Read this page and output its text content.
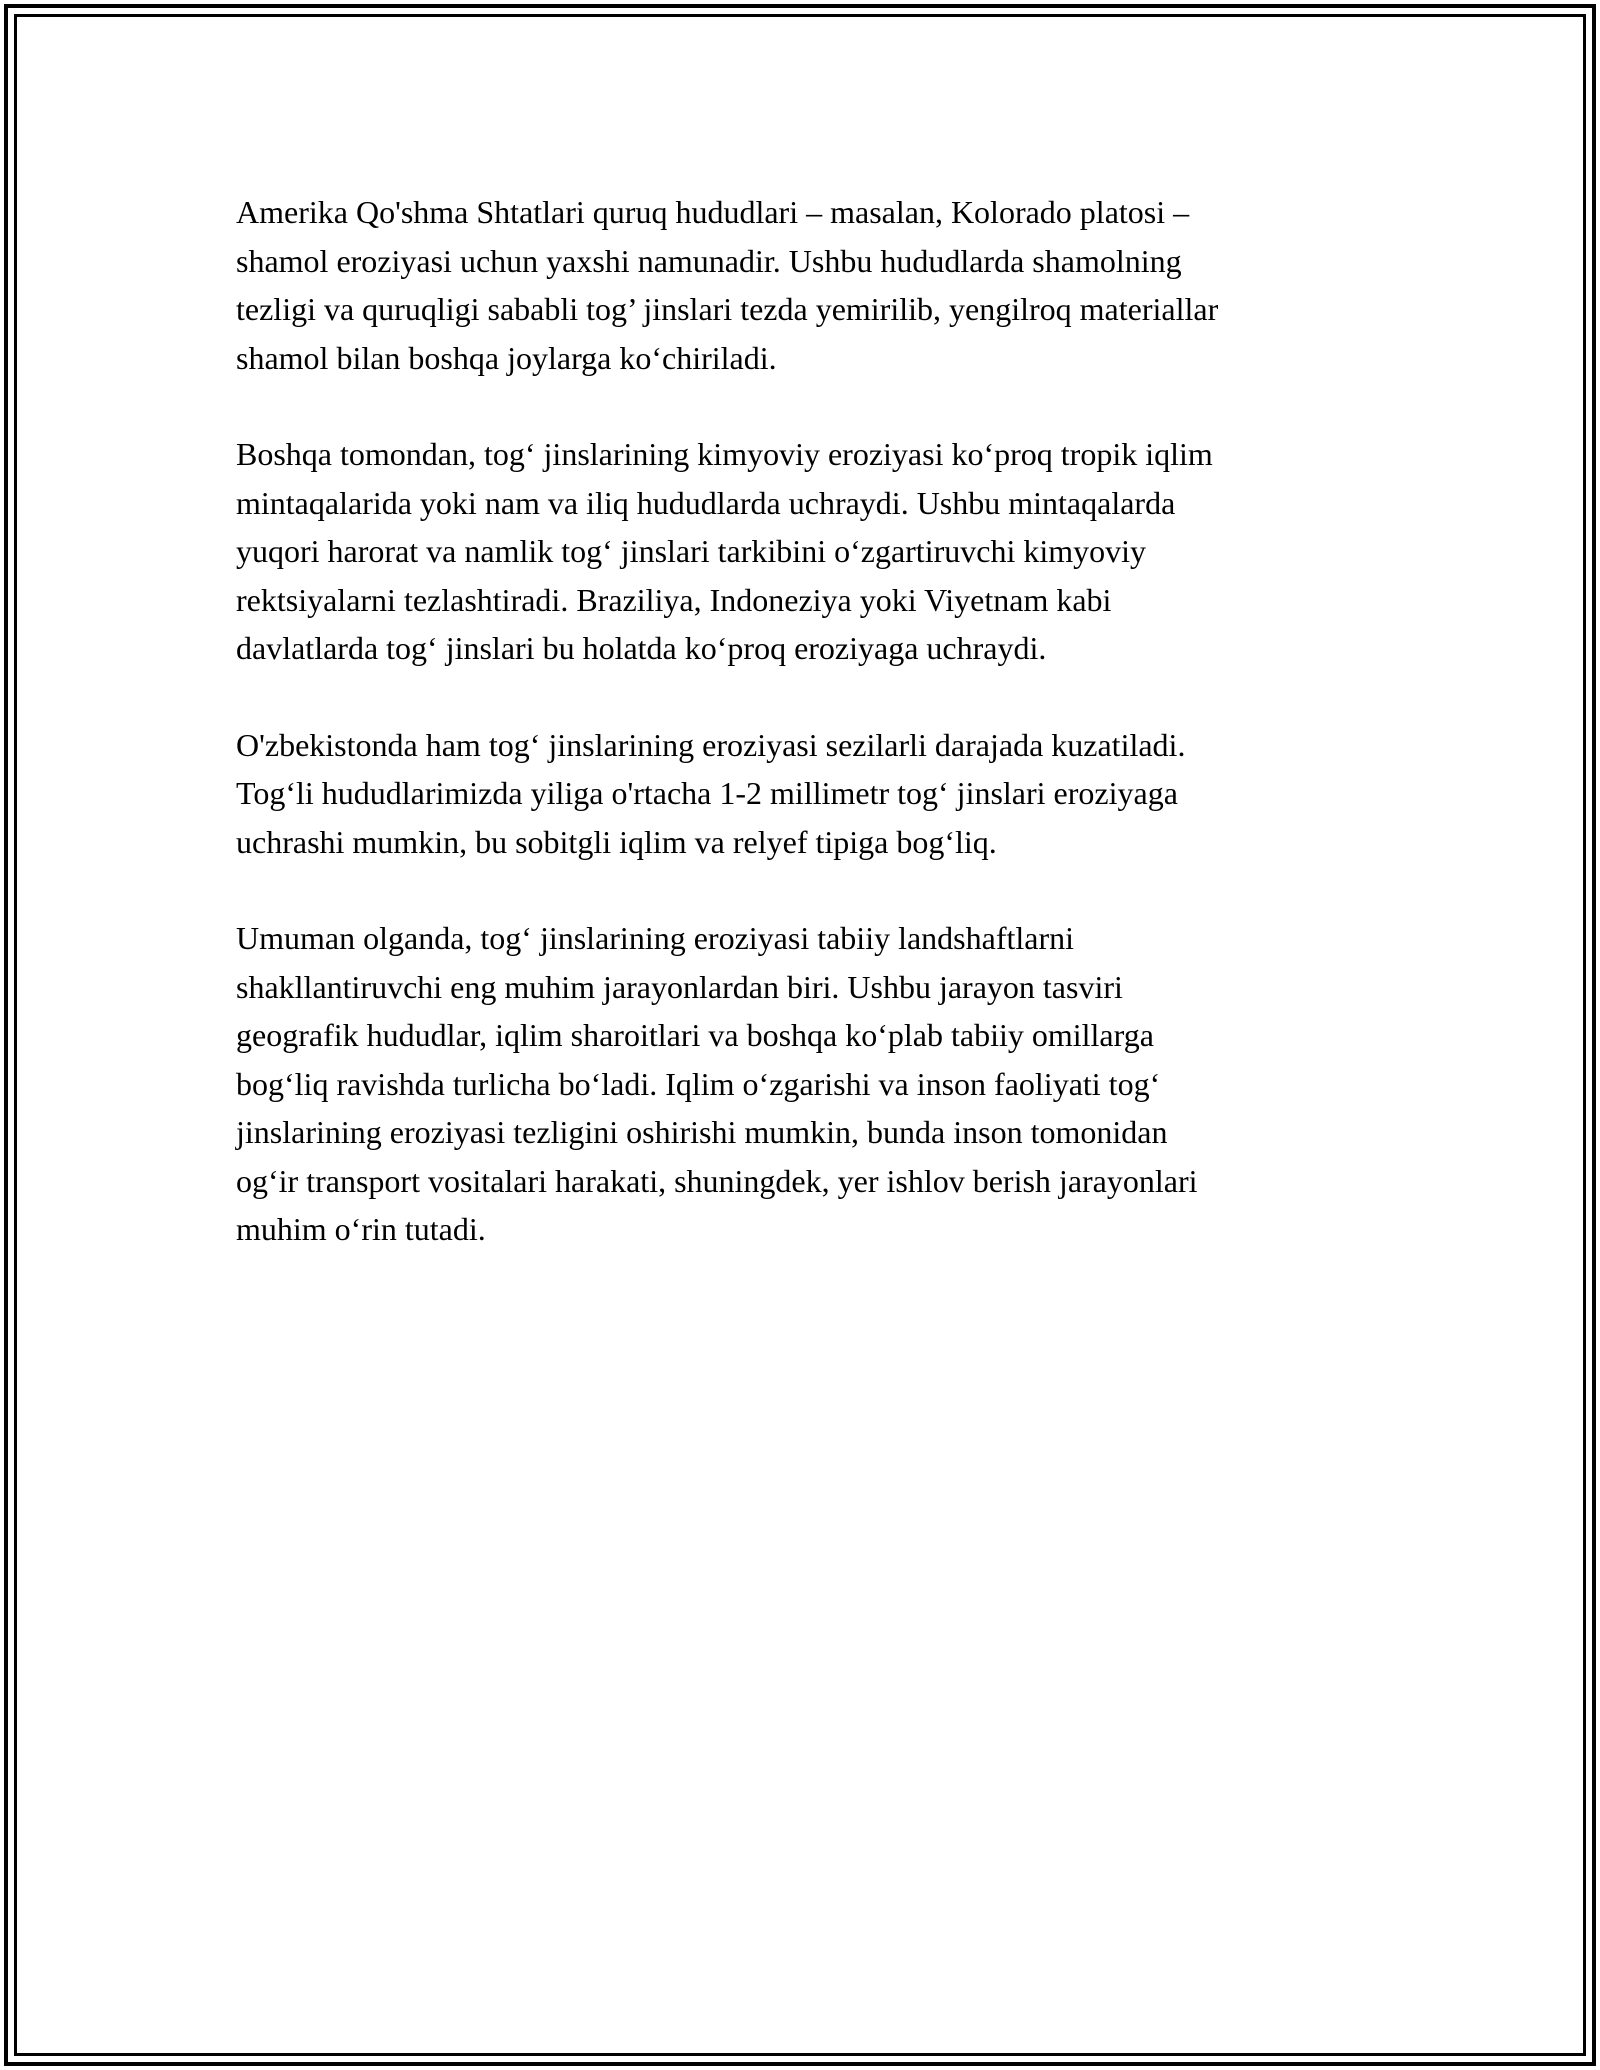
Amerika Qo'shma Shtatlari quruq hududlari – masalan, Kolorado platosi –
shamol eroziyasi uchun yaxshi namunadir. Ushbu hududlarda shamolning
tezligi va quruqligi sababli tog’ jinslari tezda yemirilib, yengilroq materiallar
shamol bilan boshqa joylarga ko‘chiriladi.

Boshqa tomondan, tog‘ jinslarining kimyoviy eroziyasi ko‘proq tropik iqlim
mintaqalarida yoki nam va iliq hududlarda uchraydi. Ushbu mintaqalarda
yuqori harorat va namlik tog‘ jinslari tarkibini o‘zgartiruvchi kimyoviy
rektsiyalarni tezlashtiradi. Braziliya, Indoneziya yoki Viyetnam kabi
davlatlarda tog‘ jinslari bu holatda ko‘proq eroziyaga uchraydi.

O'zbekistonda ham tog‘ jinslarining eroziyasi sezilarli darajada kuzatiladi.
Tog‘li hududlarimizda yiliga o'rtacha 1-2 millimetr tog‘ jinslari eroziyaga
uchrashi mumkin, bu sobitgli iqlim va relyef tipiga bog‘liq.

Umuman olganda, tog‘ jinslarining eroziyasi tabiiy landshaftlarni
shakllantiruvchi eng muhim jarayonlardan biri. Ushbu jarayon tasviri
geografik hududlar, iqlim sharoitlari va boshqa ko‘plab tabiiy omillarga
bog‘liq ravishda turlicha bo‘ladi. Iqlim o‘zgarishi va inson faoliyati tog‘
jinslarining eroziyasi tezligini oshirishi mumkin, bunda inson tomonidan
og‘ir transport vositalari harakati, shuningdek, yer ishlov berish jarayonlari
muhim o‘rin tutadi.
